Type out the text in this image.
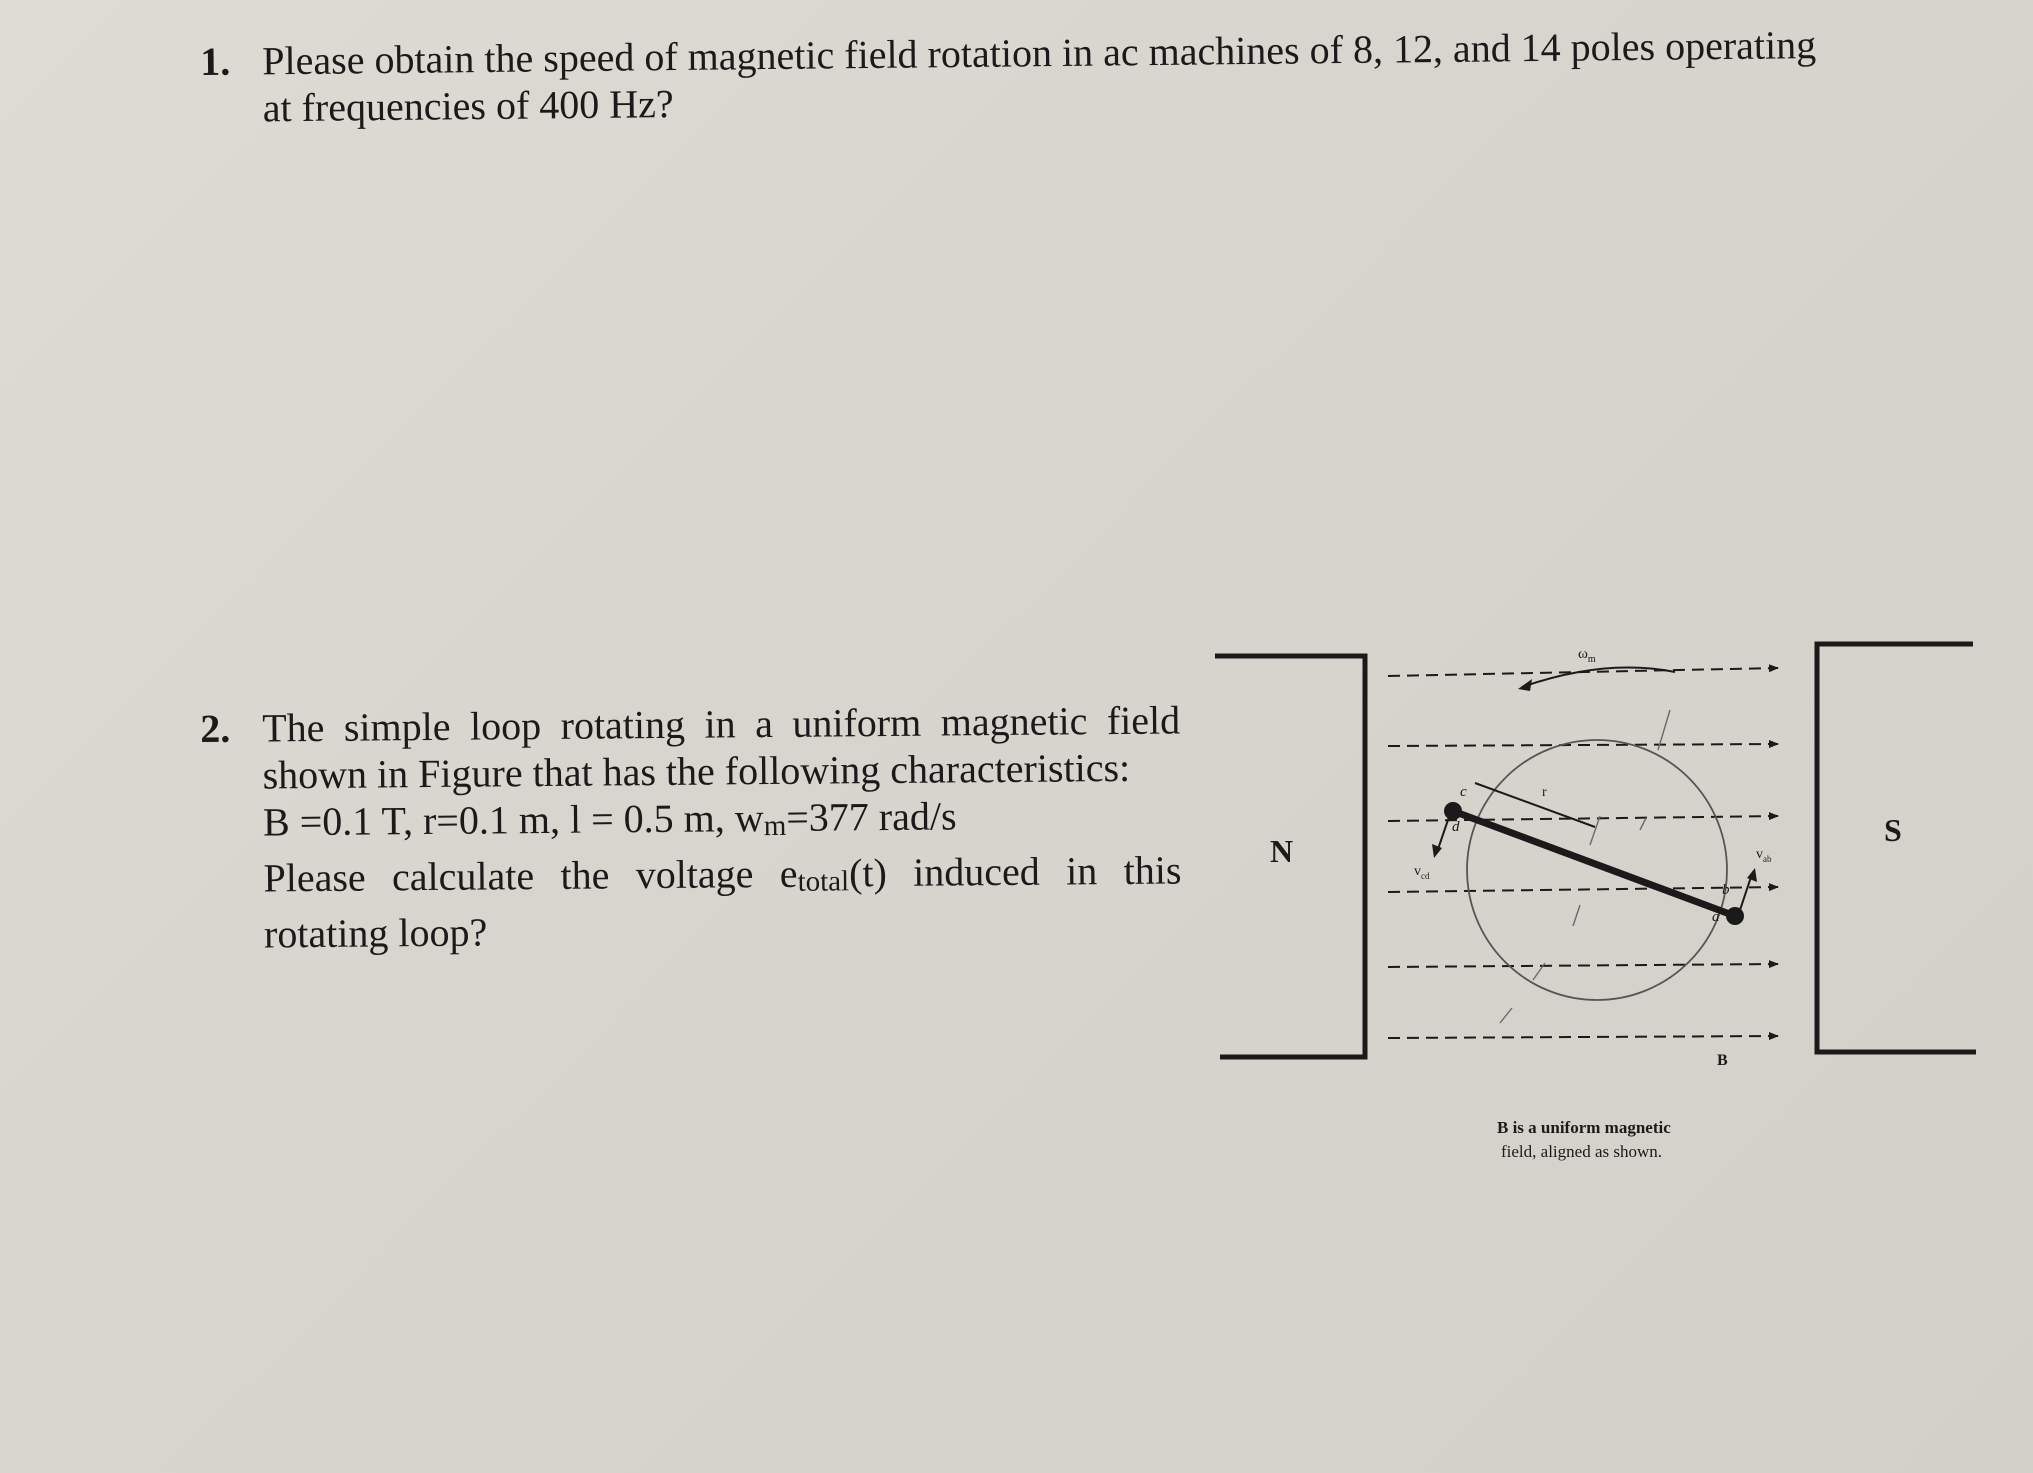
1. Please obtain the speed of magnetic field rotation in ac machines of 8, 12, and 14 poles operating
at frequencies of 400 Hz?
2. The simple loop rotating in a uniform magnetic field
shown in Figure that has the following characteristics:
B =0.1 T, r=0.1 m, l = 0.5 m, wm=377 rad/s
Please calculate the voltage etotal(t) induced in this
rotating loop?
N
S
$\omega_m$
r
c
d
b
a
$v_{cd}$
$v_{ab}$
B
B is a uniform magnetic
field, aligned as shown.
